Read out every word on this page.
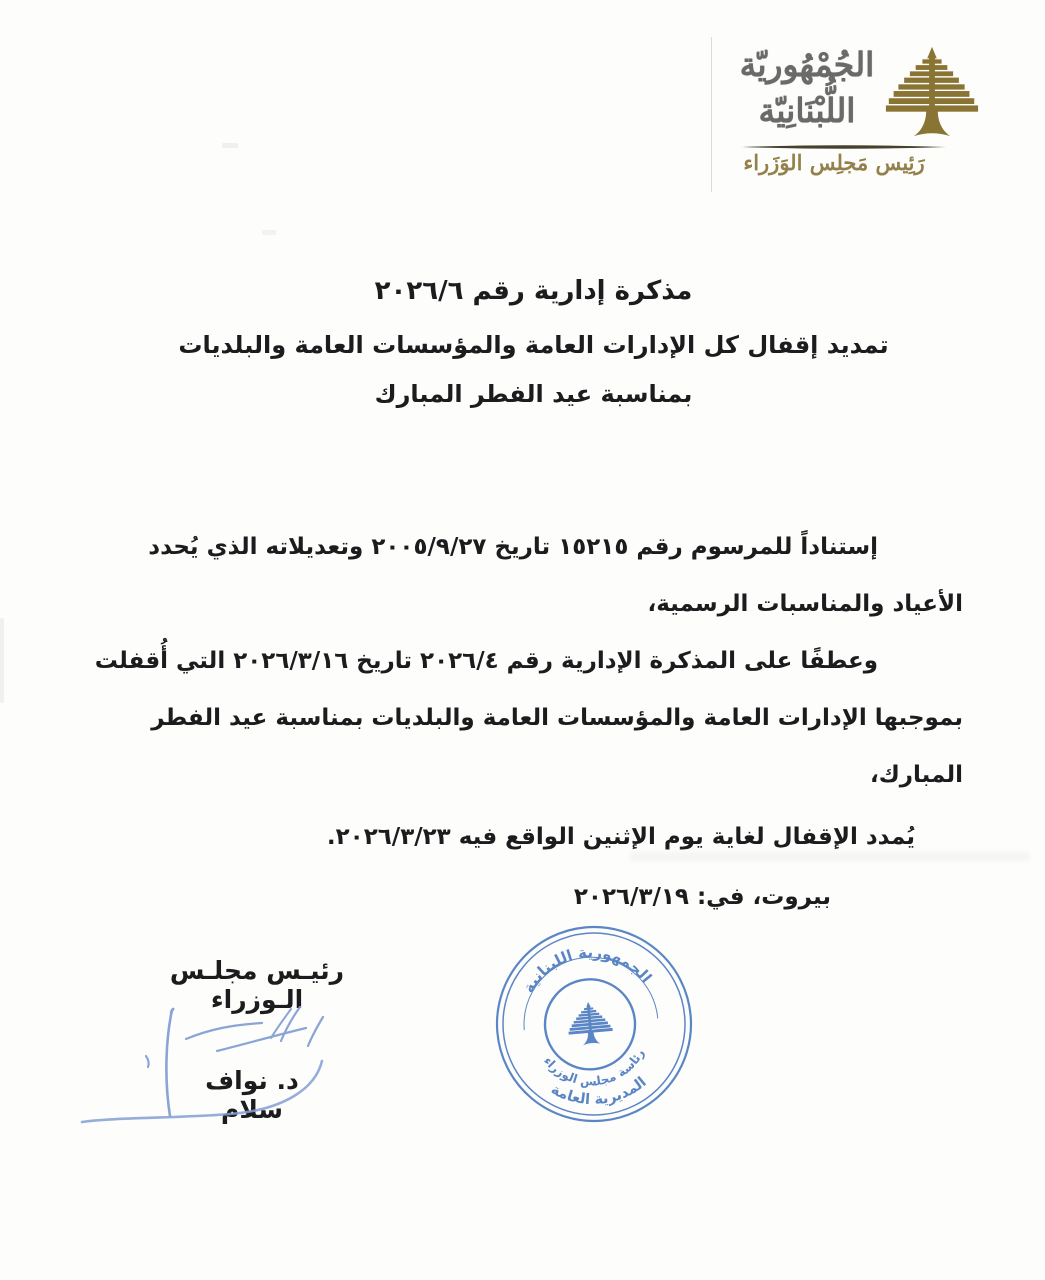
الجُمْهُوريّة
اللُّبْنَانِيّة
رَئِيس مَجلِس الوَزَراء
مذكرة إدارية رقم ٢٠٢٦/٦
تمديد إقفال كل الإدارات العامة والمؤسسات العامة والبلديات
بمناسبة عيد الفطر المبارك

إستناداً للمرسوم رقم ١٥٢١٥ تاريخ ٢٠٠٥/٩/٢٧ وتعديلاته الذي يُحدد الأعياد والمناسبات الرسمية،

وعطفًا على المذكرة الإدارية رقم ٢٠٢٦/٤ تاريخ ٢٠٢٦/٣/١٦ التي أُقفلت بموجبها الإدارات العامة والمؤسسات العامة والبلديات بمناسبة عيد الفطر المبارك،

يُمدد الإقفال لغاية يوم الإثنين الواقع فيه ٢٠٢٦/٣/٢٣.

بيروت، في: ٢٠٢٦/٣/١٩

رئيـس مجلـس الـوزراء
د. نواف سلام
الجمهورية اللبنانية
رئاسة مجلس الوزراء
المديرية العامة
